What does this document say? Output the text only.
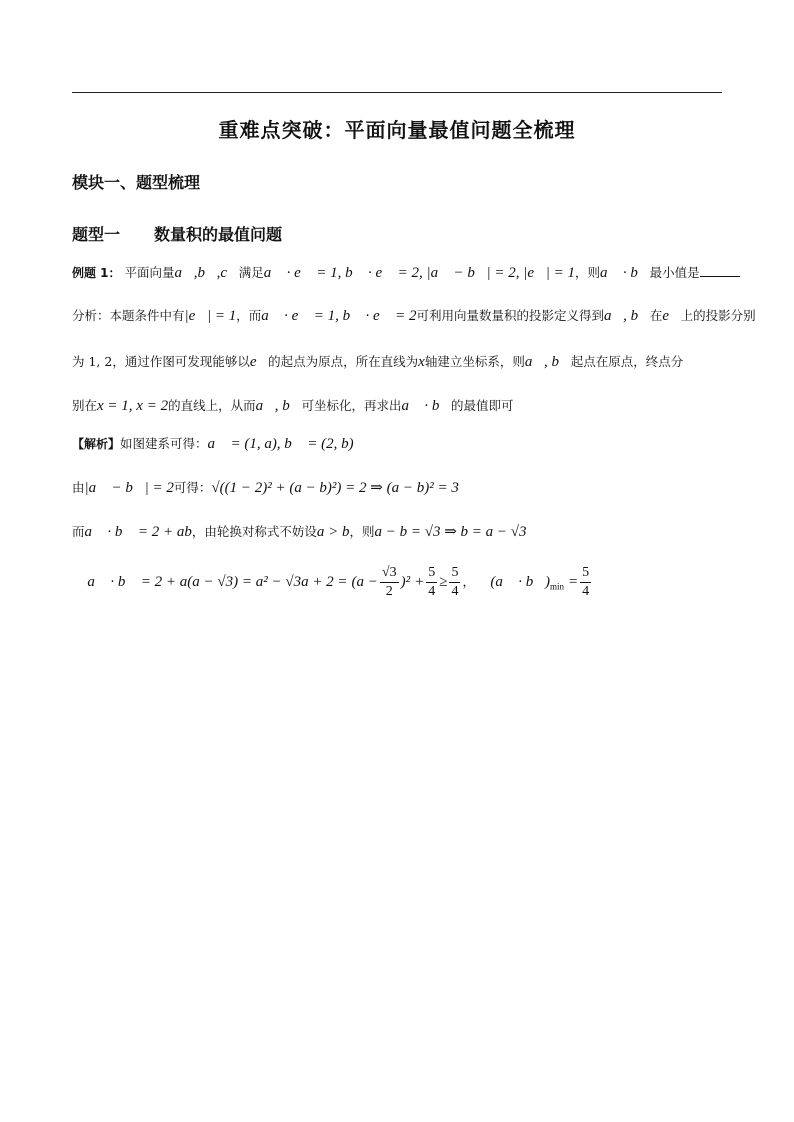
重难点突破：平面向量最值问题全梳理
模块一、题型梳理
题型一 数量积的最值问题
例题 1： 平面向量a⃗,b⃗,c⃗满足a⃗ · e⃗ = 1, b⃗ · e⃗ = 2, |a⃗ − b⃗| = 2, |e⃗| = 1，则a⃗ · b⃗最小值是
分析：本题条件中有|e⃗| = 1，而a⃗ · e⃗ = 1, b⃗ · e⃗ = 2可利用向量数量积的投影定义得到a⃗, b⃗在e⃗上的投影分别
为 1, 2，通过作图可发现能够以e⃗的起点为原点，所在直线为x轴建立坐标系，则a⃗, b⃗起点在原点，终点分
别在x = 1, x = 2的直线上，从而a⃗, b⃗可坐标化，再求出a⃗ · b⃗的最值即可
【解析】如图建系可得：a⃗ = (1, a), b⃗ = (2, b)
由|a⃗ − b⃗| = 2可得：√((1 − 2)² + (a − b)²) = 2 ⇒ (a − b)² = 3
而a⃗ · b⃗ = 2 + ab，由轮换对称式不妨设a > b，则a − b = √3 ⇒ b = a − √3
∴ a⃗ · b⃗ = $2 + a(a - √3) = a^2 - √3a + 2 = (a - \frac{√3}{2} )^2 + \frac{5}{4} \ge \frac{5}{4}$ ，∴ (a⃗ · $b⃗)_{min} = \frac{5}{4}$
